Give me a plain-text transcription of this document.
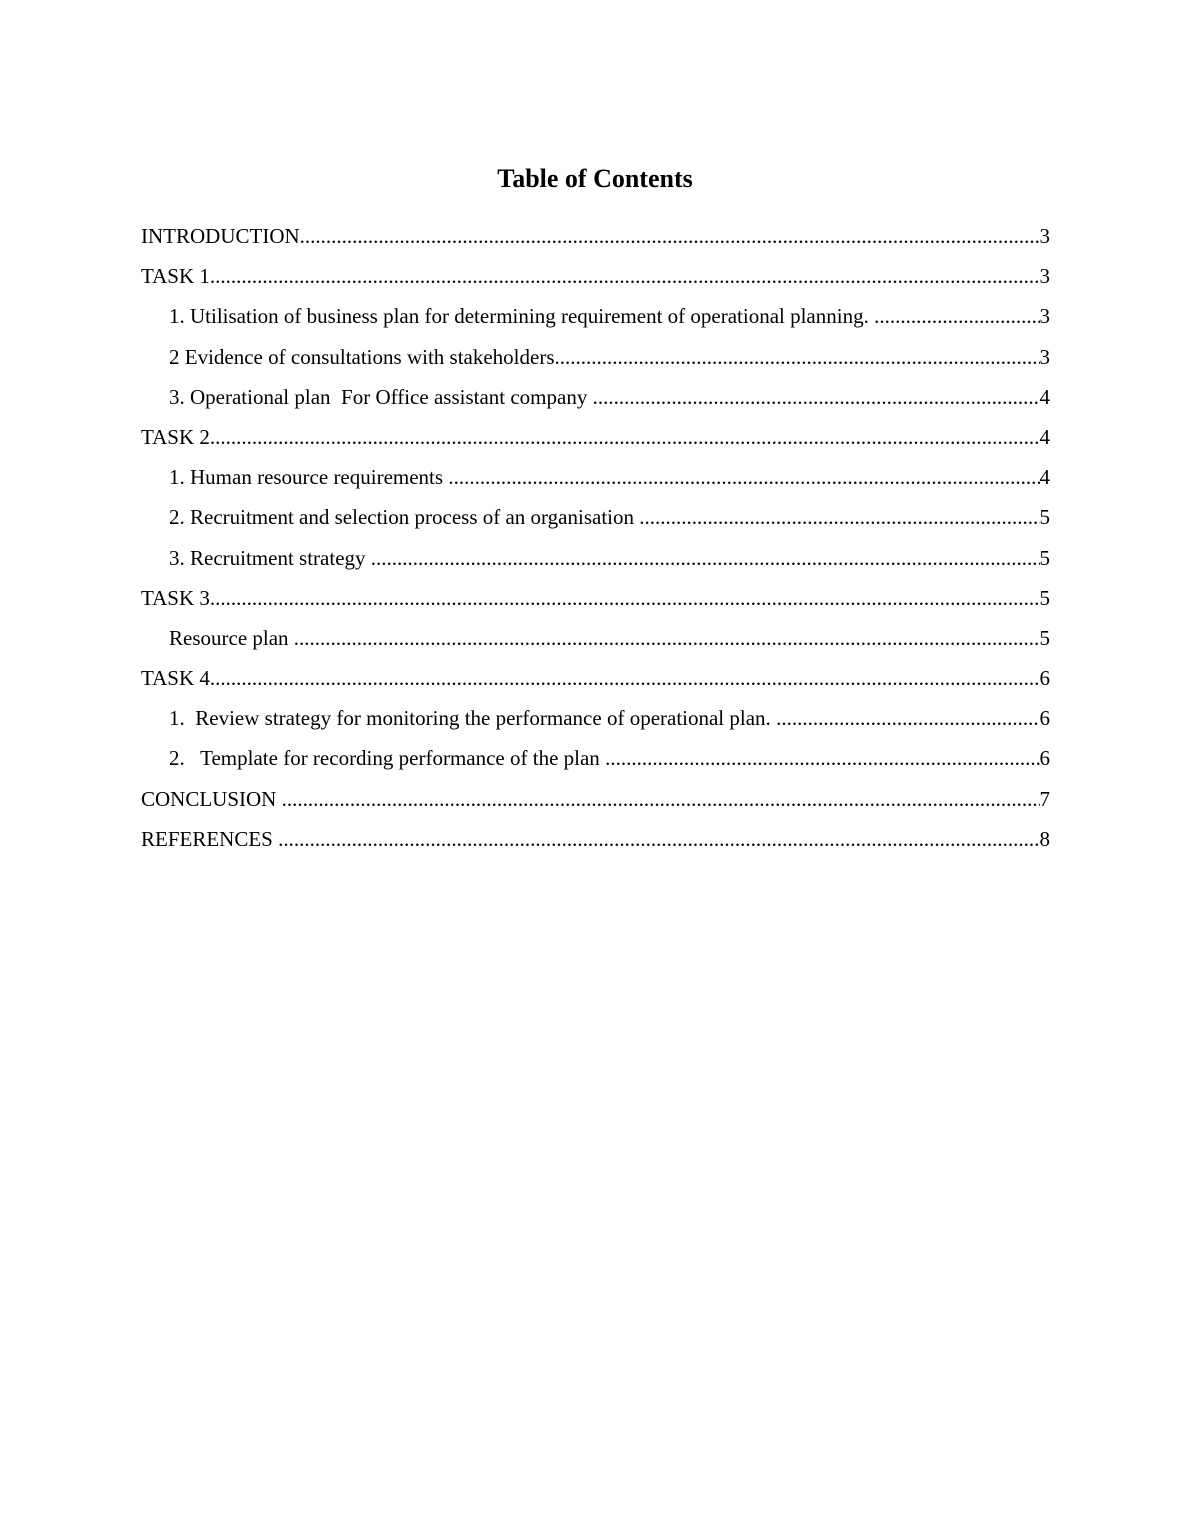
Table of Contents
INTRODUCTION .....	3
TASK 1 .....	3
1. Utilisation of business plan for determining requirement of operational planning. .....	3
2 Evidence of consultations with stakeholders .....	3
3. Operational plan  For Office assistant company .....	4
TASK 2 .....	4
1. Human resource requirements .....	4
2. Recruitment and selection process of an organisation .....	5
3. Recruitment strategy .....	5
TASK 3 .....	5
Resource plan .....	5
TASK 4 .....	6
1.  Review strategy for monitoring the performance of operational plan. .....	6
2.   Template for recording performance of the plan .....	6
CONCLUSION .....	7
REFERENCES .....	8
